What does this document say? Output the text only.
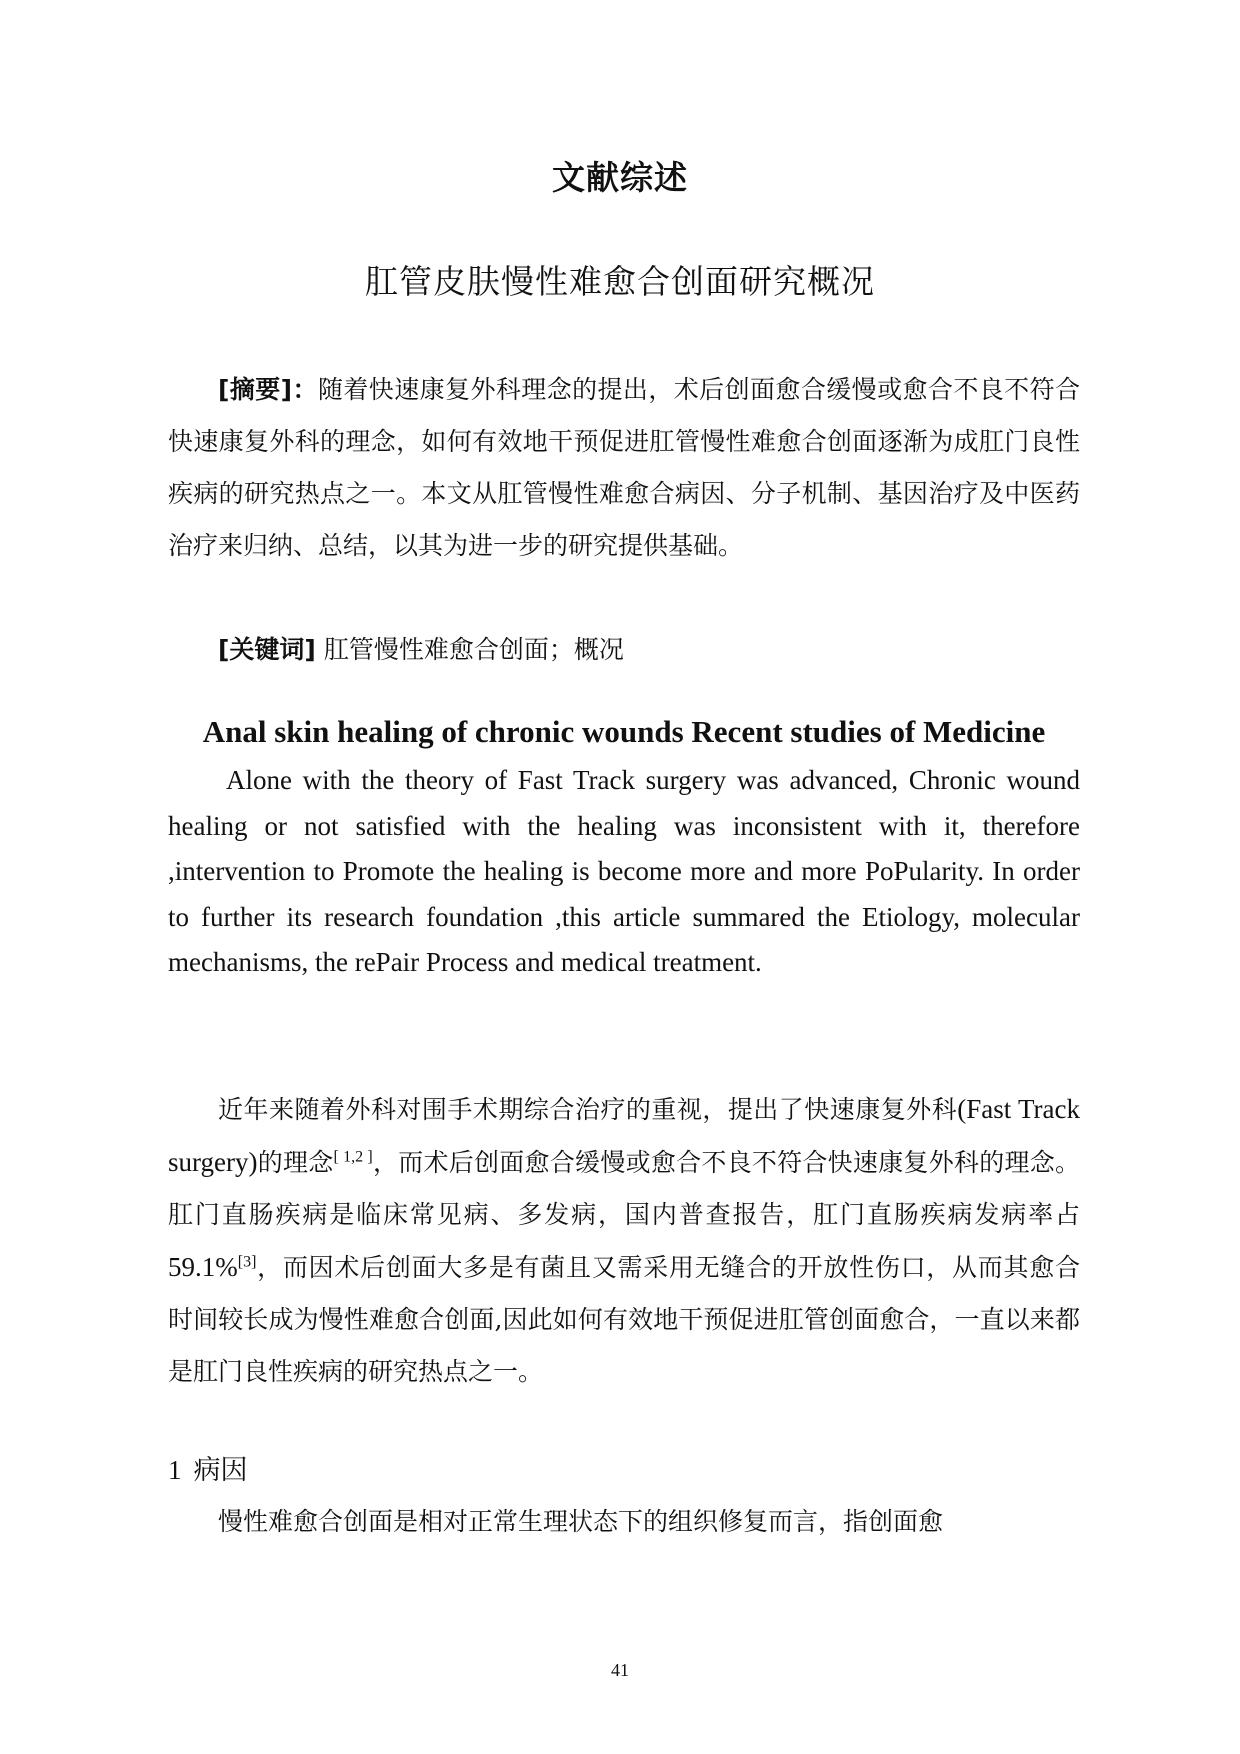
文献综述
肛管皮肤慢性难愈合创面研究概况
[摘要]：随着快速康复外科理念的提出，术后创面愈合缓慢或愈合不良不符合快速康复外科的理念，如何有效地干预促进肛管慢性难愈合创面逐渐为成肛门良性疾病的研究热点之一。本文从肛管慢性难愈合病因、分子机制、基因治疗及中医药治疗来归纳、总结，以其为进一步的研究提供基础。
[关键词] 肛管慢性难愈合创面；概况
Anal skin healing of chronic wounds Recent studies of Medicine
Alone with the theory of Fast Track surgery was advanced, Chronic wound healing or not satisfied with the healing was inconsistent with it, therefore ,intervention to Promote the healing is become more and more PoPularity. In order to further its research foundation ,this article summared the Etiology, molecular mechanisms, the rePair Process and medical treatment.
近年来随着外科对围手术期综合治疗的重视，提出了快速康复外科(Fast Track surgery)的理念[ 1,2 ]，而术后创面愈合缓慢或愈合不良不符合快速康复外科的理念。肛门直肠疾病是临床常见病、多发病，国内普查报告，肛门直肠疾病发病率占 59.1%[3]，而因术后创面大多是有菌且又需采用无缝合的开放性伤口，从而其愈合时间较长成为慢性难愈合创面,因此如何有效地干预促进肛管创面愈合，一直以来都是肛门良性疾病的研究热点之一。
1 病因
慢性难愈合创面是相对正常生理状态下的组织修复而言，指创面愈
41
